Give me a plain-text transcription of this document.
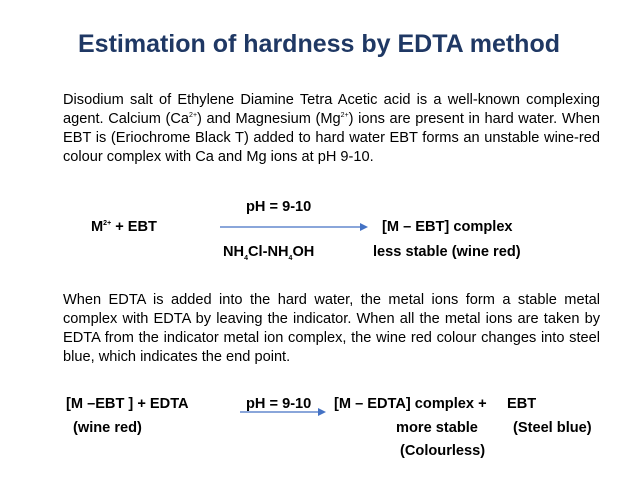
Estimation of hardness by EDTA method
Disodium salt of Ethylene Diamine Tetra Acetic acid is a well-known complexing
agent. Calcium $(Ca^{2+})$ and Magnesium $(Mg^{2+})$ ions are present in hard water. When
EBT is (Eriochrome Black T) added to hard water EBT forms an unstable wine-red
colour complex with Ca and Mg ions at pH 9-10.
pH = 9-10
$M^{2+}$ + EBT	[M – EBT] complex
$NH_4Cl-NH_4OH$	less stable (wine red)
When EDTA is added into the hard water, the metal ions form a stable metal
complex with EDTA by leaving the indicator. When all the metal ions are taken by
EDTA from the indicator metal ion complex, the wine red colour changes into steel
blue, which indicates the end point.
[M –EBT ] + EDTA	pH = 9-10 [M – EDTA] complex + EBT
(wine red)	more stable (Steel blue)
(Colourless)
